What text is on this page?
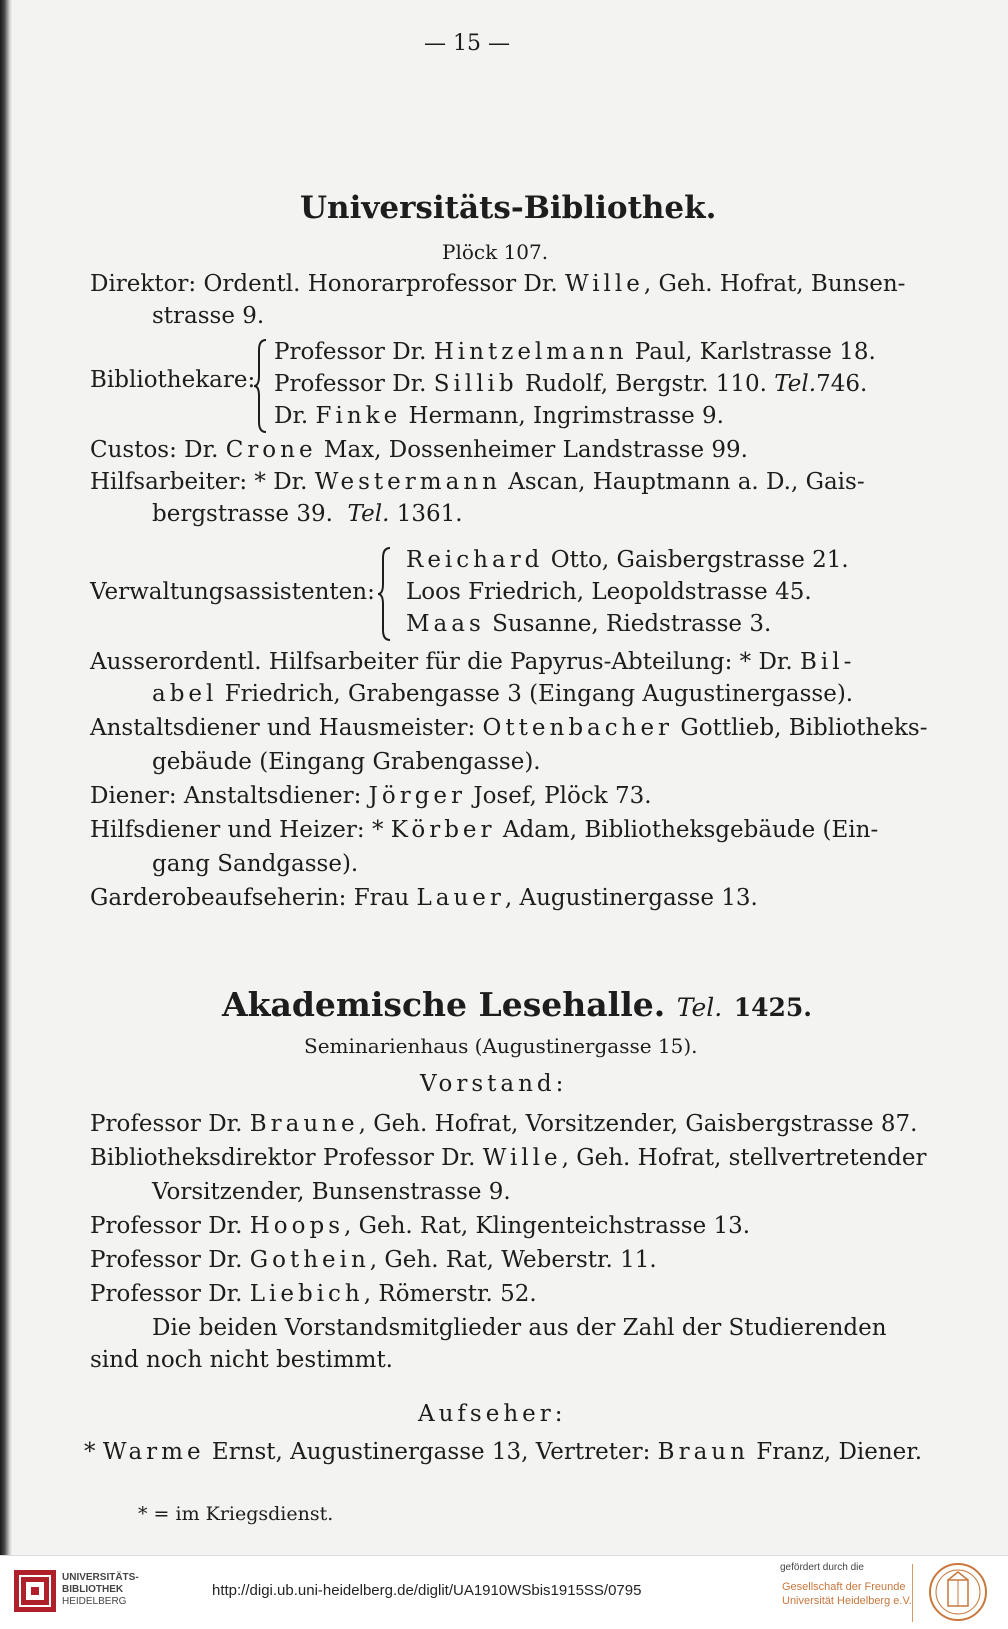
— 15 —
Universitäts-Bibliothek.
Plöck 107.
Direktor: Ordentl. Honorarprofessor Dr. Wille, Geh. Hofrat, Bunsen-
strasse 9.
Bibliothekare:
Professor Dr. Hintzelmann Paul, Karlstrasse 18.
Professor Dr. Sillib Rudolf, Bergstr. 110. Tel.746.
Dr. Finke Hermann, Ingrimstrasse 9.
Custos: Dr. Crone Max, Dossenheimer Landstrasse 99.
Hilfsarbeiter: * Dr. Westermann Ascan, Hauptmann a. D., Gais-
bergstrasse 39. Tel. 1361.
Verwaltungsassistenten:
Reichard Otto, Gaisbergstrasse 21.
Loos Friedrich, Leopoldstrasse 45.
Maas Susanne, Riedstrasse 3.
Ausserordentl. Hilfsarbeiter für die Papyrus-Abteilung: * Dr. Bil-
abel Friedrich, Grabengasse 3 (Eingang Augustinergasse).
Anstaltsdiener und Hausmeister: Ottenbacher Gottlieb, Bibliotheks-
gebäude (Eingang Grabengasse).
Diener: Anstaltsdiener: Jörger Josef, Plöck 73.
Hilfsdiener und Heizer: * Körber Adam, Bibliotheksgebäude (Ein-
gang Sandgasse).
Garderobeaufseherin: Frau Lauer, Augustinergasse 13.
Akademische Lesehalle. Tel. 1425.
Seminarienhaus (Augustinergasse 15).
Vorstand:
Professor Dr. Braune, Geh. Hofrat, Vorsitzender, Gaisbergstrasse 87.
Bibliotheksdirektor Professor Dr. Wille, Geh. Hofrat, stellvertretender
Vorsitzender, Bunsenstrasse 9.
Professor Dr. Hoops, Geh. Rat, Klingenteichstrasse 13.
Professor Dr. Gothein, Geh. Rat, Weberstr. 11.
Professor Dr. Liebich, Römerstr. 52.
Die beiden Vorstandsmitglieder aus der Zahl der Studierenden
sind noch nicht bestimmt.
Aufseher:
* Warme Ernst, Augustinergasse 13, Vertreter: Braun Franz, Diener.
* = im Kriegsdienst.
UNIVERSITÄTS-
BIBLIOTHEK
HEIDELBERG
http://digi.ub.uni-heidelberg.de/diglit/UA1910WSbis1915SS/0795
gefördert durch die
Gesellschaft der Freunde
Universität Heidelberg e.V.
